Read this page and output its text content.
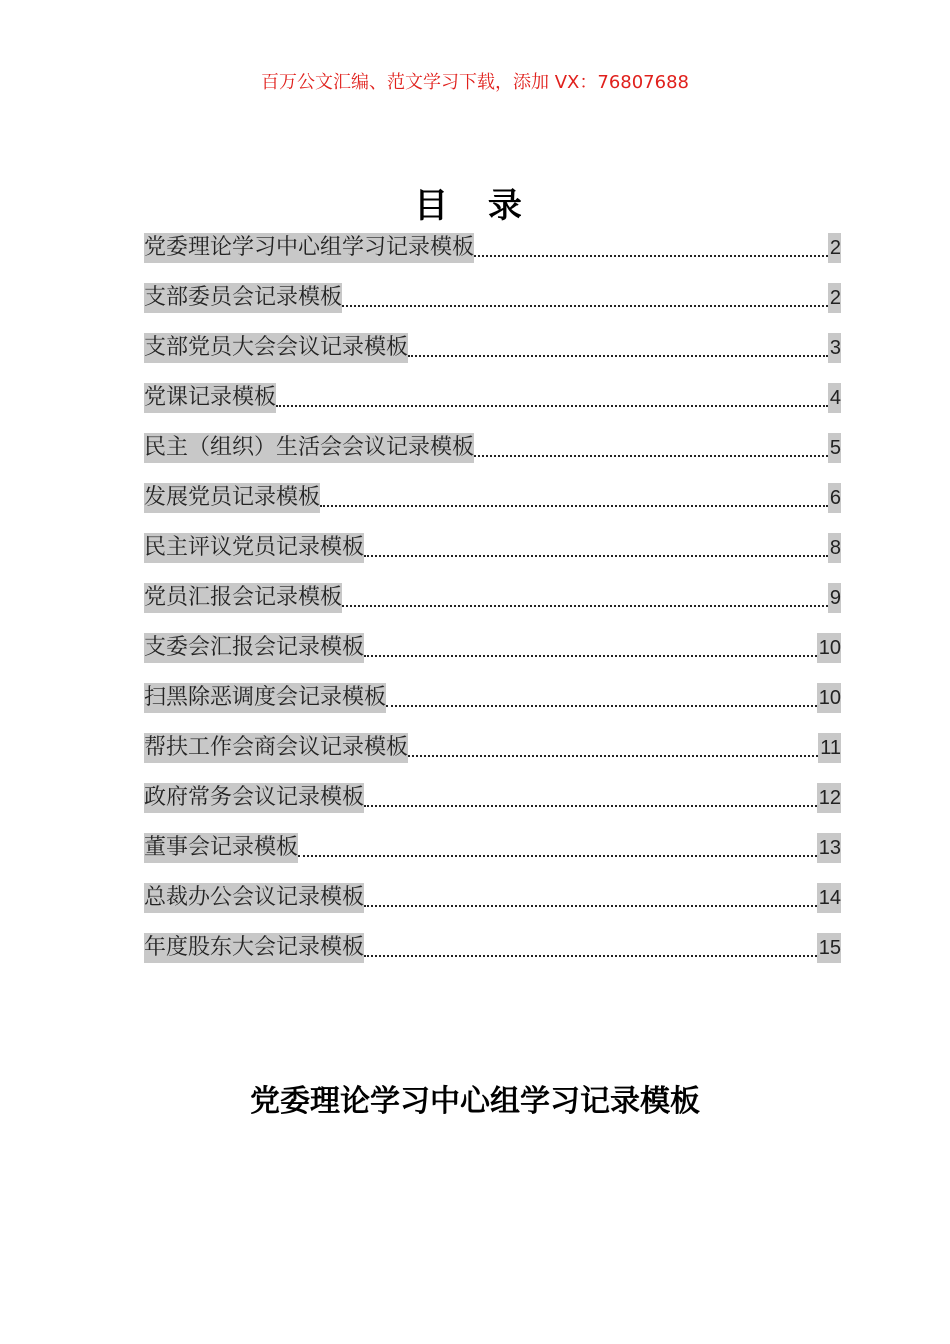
百万公文汇编、范文学习下载，添加 VX：76807688
目 录
党委理论学习中心组学习记录模板	2
支部委员会记录模板	2
支部党员大会会议记录模板	3
党课记录模板	4
民主（组织）生活会会议记录模板	5
发展党员记录模板	6
民主评议党员记录模板	8
党员汇报会记录模板	9
支委会汇报会记录模板	10
扫黑除恶调度会记录模板	10
帮扶工作会商会议记录模板	11
政府常务会议记录模板	12
董事会记录模板	13
总裁办公会议记录模板	14
年度股东大会记录模板	15
党委理论学习中心组学习记录模板
